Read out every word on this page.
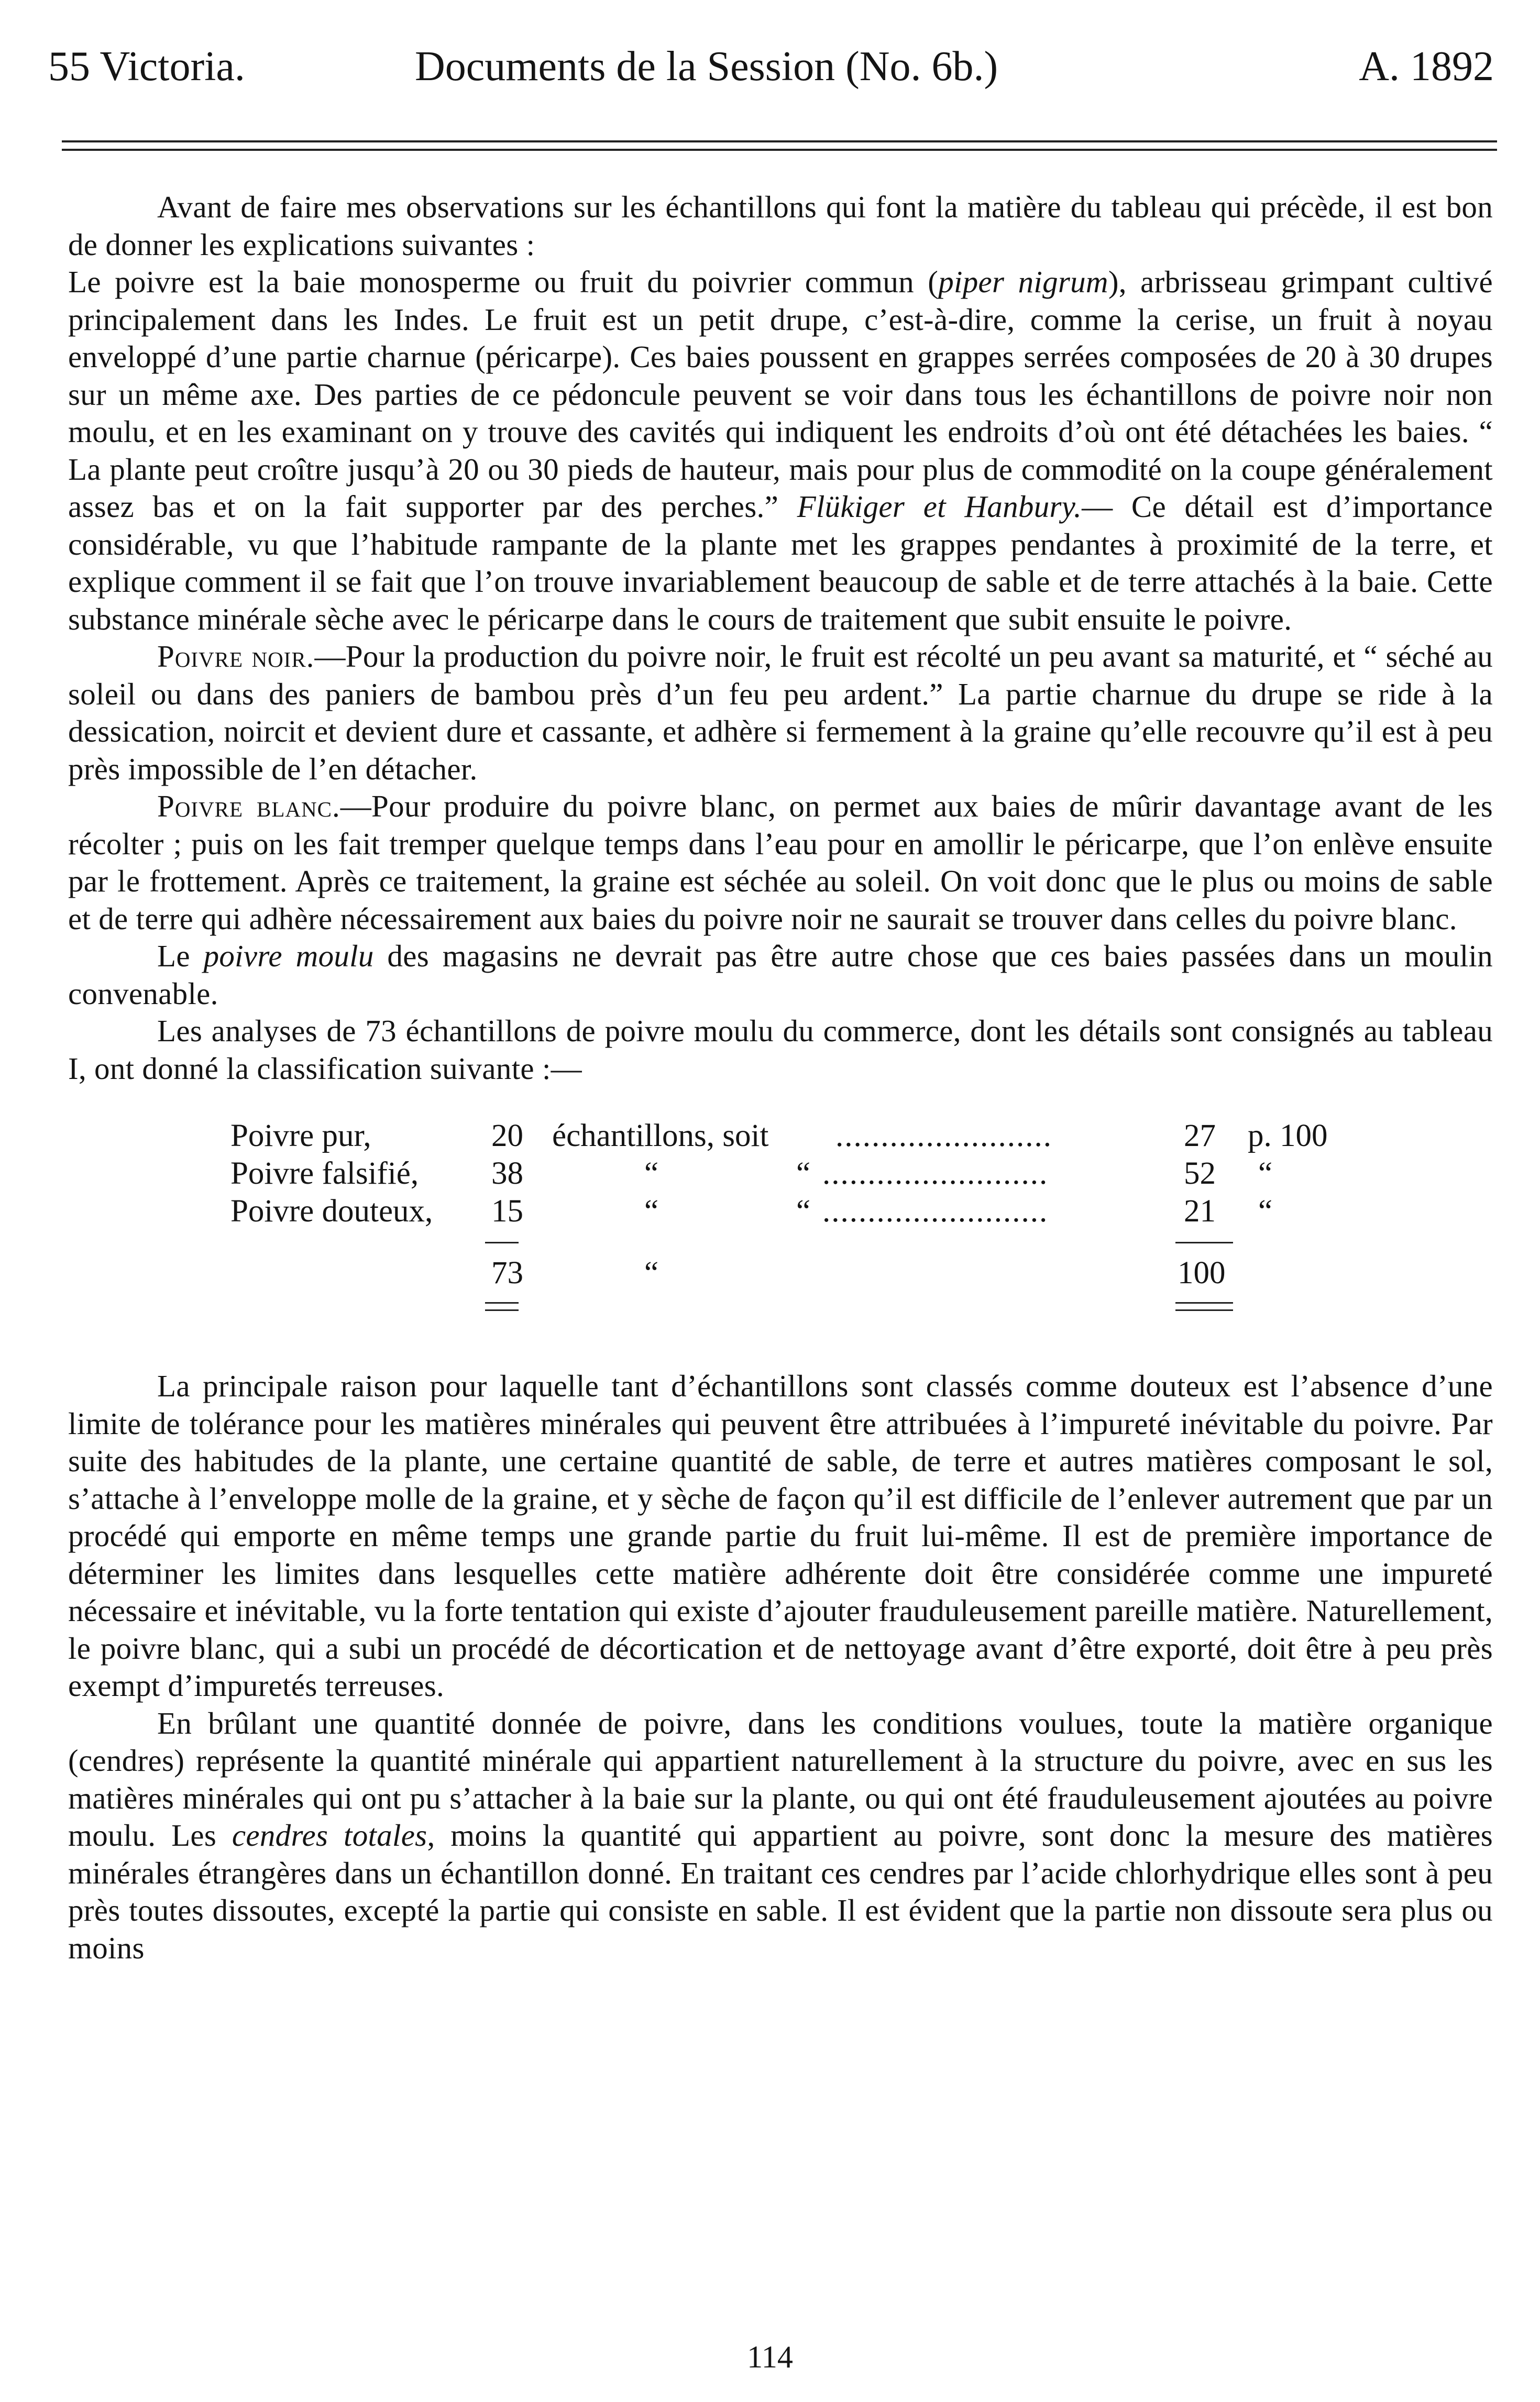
55 Victoria.	Documents de la Session (No. 6b.)	A. 1892

Avant de faire mes observations sur les échantillons qui font la matière du tableau qui précède, il est bon de donner les explications suivantes :

Le poivre est la baie monosperme ou fruit du poivrier commun (piper nigrum), arbrisseau grimpant cultivé principalement dans les Indes. Le fruit est un petit drupe, c’est-à-dire, comme la cerise, un fruit à noyau enveloppé d’une partie charnue (péricarpe). Ces baies poussent en grappes serrées composées de 20 à 30 drupes sur un même axe. Des parties de ce pédoncule peuvent se voir dans tous les échantillons de poivre noir non moulu, et en les examinant on y trouve des cavités qui indiquent les endroits d’où ont été détachées les baies. “ La plante peut croître jusqu’à 20 ou 30 pieds de hauteur, mais pour plus de commodité on la coupe généralement assez bas et on la fait supporter par des perches.” Flükiger et Hanbury.— Ce détail est d’importance considérable, vu que l’habitude rampante de la plante met les grappes pendantes à proximité de la terre, et explique comment il se fait que l’on trouve invariablement beaucoup de sable et de terre attachés à la baie. Cette substance minérale sèche avec le péricarpe dans le cours de traitement que subit ensuite le poivre.

Poivre noir.—Pour la production du poivre noir, le fruit est récolté un peu avant sa maturité, et “ séché au soleil ou dans des paniers de bambou près d’un feu peu ardent.” La partie charnue du drupe se ride à la dessication, noircit et devient dure et cassante, et adhère si fermement à la graine qu’elle recouvre qu’il est à peu près impossible de l’en détacher.

Poivre blanc.—Pour produire du poivre blanc, on permet aux baies de mûrir davantage avant de les récolter ; puis on les fait tremper quelque temps dans l’eau pour en amollir le péricarpe, que l’on enlève ensuite par le frottement. Après ce traitement, la graine est séchée au soleil. On voit donc que le plus ou moins de sable et de terre qui adhère nécessairement aux baies du poivre noir ne saurait se trouver dans celles du poivre blanc.

Le poivre moulu des magasins ne devrait pas être autre chose que ces baies passées dans un moulin convenable.

Les analyses de 73 échantillons de poivre moulu du commerce, dont les détails sont consignés au tableau I, ont donné la classification suivante :—

Poivre pur,	20 échantillons, soit ........................	27 p. 100
Poivre falsifié, 38	“	“ .........................	52 “
Poivre douteux, 15	“	“ .........................	21 “
73	“	100

La principale raison pour laquelle tant d’échantillons sont classés comme douteux est l’absence d’une limite de tolérance pour les matières minérales qui peuvent être attribuées à l’impureté inévitable du poivre. Par suite des habitudes de la plante, une certaine quantité de sable, de terre et autres matières composant le sol, s’attache à l’enveloppe molle de la graine, et y sèche de façon qu’il est difficile de l’enlever autrement que par un procédé qui emporte en même temps une grande partie du fruit lui-même. Il est de première importance de déterminer les limites dans lesquelles cette matière adhérente doit être considérée comme une impureté nécessaire et inévitable, vu la forte tentation qui existe d’ajouter frauduleusement pareille matière. Naturellement, le poivre blanc, qui a subi un procédé de décortication et de nettoyage avant d’être exporté, doit être à peu près exempt d’impuretés terreuses.

En brûlant une quantité donnée de poivre, dans les conditions voulues, toute la matière organique (cendres) représente la quantité minérale qui appartient naturellement à la structure du poivre, avec en sus les matières minérales qui ont pu s’attacher à la baie sur la plante, ou qui ont été frauduleusement ajoutées au poivre moulu. Les cendres totales, moins la quantité qui appartient au poivre, sont donc la mesure des matières minérales étrangères dans un échantillon donné. En traitant ces cendres par l’acide chlorhydrique elles sont à peu près toutes dissoutes, excepté la partie qui consiste en sable. Il est évident que la partie non dissoute sera plus ou moins

114
